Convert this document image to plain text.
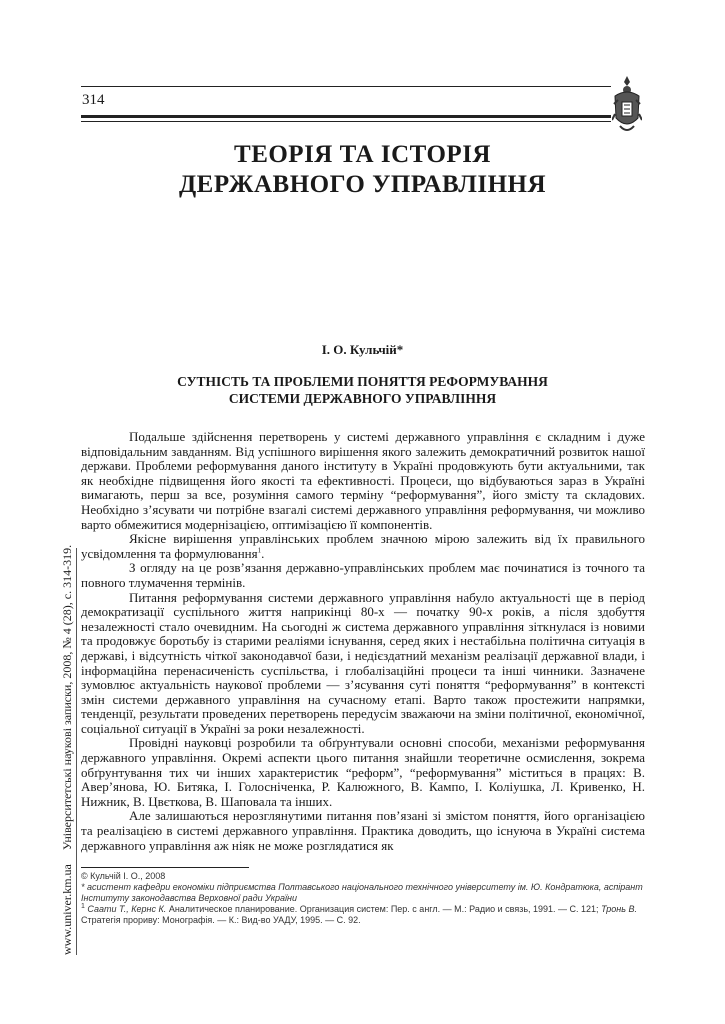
314
ТЕОРІЯ ТА ІСТОРІЯ
ДЕРЖАВНОГО УПРАВЛІННЯ
І. О. Кульчій*
СУТНІСТЬ ТА ПРОБЛЕМИ ПОНЯТТЯ РЕФОРМУВАННЯ
СИСТЕМИ ДЕРЖАВНОГО УПРАВЛІННЯ

Подальше здійснення перетворень у системі державного управління є складним і дуже відповідальним завданням. Від успішного вирішення якого залежить демократичний розвиток нашої держави. Проблеми реформування даного інституту в Україні продовжують бути актуальними, так як необхідне підвищення його якості та ефективності. Процеси, що відбуваються зараз в Україні вимагають, перш за все, розуміння самого терміну “реформування”, його змісту та складових. Необхідно з’ясувати чи потрібне взагалі системі державного управління реформування, чи можливо варто обмежитися модернізацією, оптимізацією її компонентів.

Якісне вирішення управлінських проблем значною мірою залежить від їх правильного усвідомлення та формулювання$^1$.

З огляду на це розв’язання державно-управлінських проблем має починатися із точного та повного тлумачення термінів.

Питання реформування системи державного управління набуло актуальності ще в період демократизації суспільного життя наприкінці 80-х — початку 90-х років, а після здобуття незалежності стало очевидним. На сьогодні ж система державного управління зіткнулася із новими та продовжує боротьбу із старими реаліями існування, серед яких і нестабільна політична ситуація в державі, і відсутність чіткої законодавчої бази, і недієздатний механізм реалізації державної влади, і інформаційна перенасиченість суспільства, і глобалізаційні процеси та інші чинники. Зазначене зумовлює актуальність наукової проблеми — з’ясування суті поняття “реформування” в контексті змін системи державного управління на сучасному етапі. Варто також простежити напрямки, тенденції, результати проведених перетворень передусім зважаючи на зміни політичної, економічної, соціальної ситуації в Україні за роки незалежності.

Провідні науковці розробили та обґрунтували основні способи, механізми реформування державного управління. Окремі аспекти цього питання знайшли теоретичне осмислення, зокрема обґрунтування тих чи інших характеристик “реформ”, “реформування” міститься в працях: В. Авер’янова, Ю. Битяка, І. Голосніченка, Р. Калюжного, В. Кампо, І. Коліушка, Л. Кривенко, Н. Нижник, В. Цвєткова, В. Шаповала та інших.

Але залишаються нерозглянутими питання пов’язані зі змістом поняття, його організацією та реалізацією в системі державного управління. Практика доводить, що існуюча в Україні система державного управління аж ніяк не може розглядатися як

© Кульчій І. О., 2008
* асистент кафедри економіки підприємства Полтавського національного технічного університету ім. Ю. Кондратюка, аспірант Інституту законодавства Верховної ради України
$^1$ Саати Т., Кернс К. Аналитическое планирование. Организация систем: Пер. с англ. — М.: Радио и связь, 1991. — С. 121; Тронь В. Стратегія прориву: Монографія. — К.: Вид-во УАДУ, 1995. — С. 92.
www.univer.km.uaУніверситетські наукові записки, 2008, № 4 (28), с. 314-319.
